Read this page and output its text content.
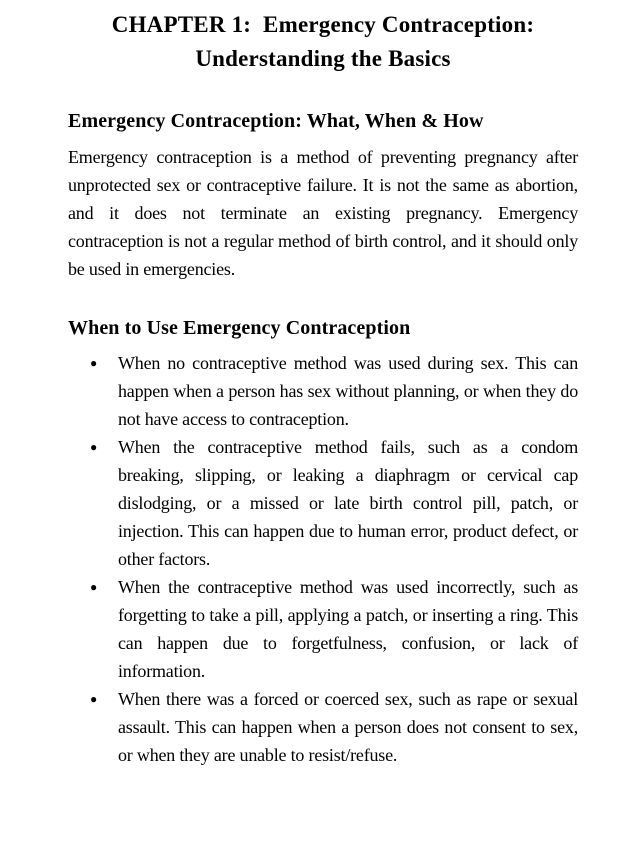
CHAPTER 1:  Emergency Contraception:
Understanding the Basics
Emergency Contraception: What, When & How

Emergency contraception is a method of preventing pregnancy after unprotected sex or contraceptive failure. It is not the same as abortion, and it does not terminate an existing pregnancy. Emergency contraception is not a regular method of birth control, and it should only be used in emergencies.

When to Use Emergency Contraception
● When no contraceptive method was used during sex. This can happen when a person has sex without planning, or when they do not have access to contraception.
● When the contraceptive method fails, such as a condom breaking, slipping, or leaking a diaphragm or cervical cap dislodging, or a missed or late birth control pill, patch, or injection. This can happen due to human error, product defect, or other factors.
● When the contraceptive method was used incorrectly, such as forgetting to take a pill, applying a patch, or inserting a ring. This can happen due to forgetfulness, confusion, or lack of information.
● When there was a forced or coerced sex, such as rape or sexual assault. This can happen when a person does not consent to sex, or when they are unable to resist/refuse.
